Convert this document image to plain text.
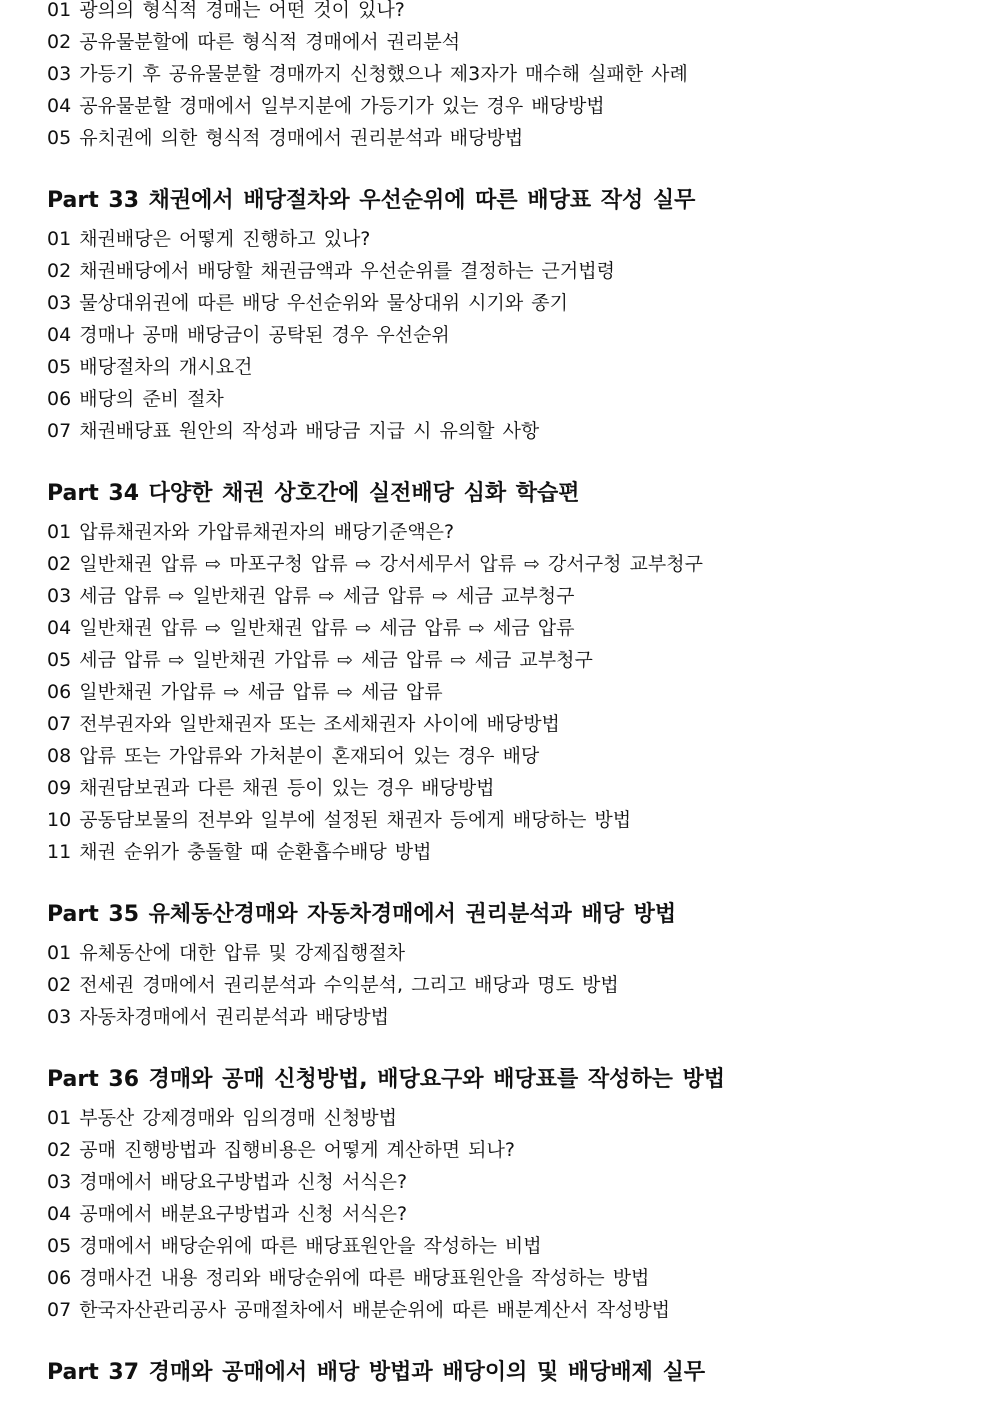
01 광의의 형식적 경매는 어떤 것이 있나?
02 공유물분할에 따른 형식적 경매에서 권리분석
03 가등기 후 공유물분할 경매까지 신청했으나 제3자가 매수해 실패한 사례
04 공유물분할 경매에서 일부지분에 가등기가 있는 경우 배당방법
05 유치권에 의한 형식적 경매에서 권리분석과 배당방법
Part 33 채권에서 배당절차와 우선순위에 따른 배당표 작성 실무
01 채권배당은 어떻게 진행하고 있나?
02 채권배당에서 배당할 채권금액과 우선순위를 결정하는 근거법령
03 물상대위권에 따른 배당 우선순위와 물상대위 시기와 종기
04 경매나 공매 배당금이 공탁된 경우 우선순위
05 배당절차의 개시요건
06 배당의 준비 절차
07 채권배당표 원안의 작성과 배당금 지급 시 유의할 사항
Part 34 다양한 채권 상호간에 실전배당 심화 학습편
01 압류채권자와 가압류채권자의 배당기준액은?
02 일반채권 압류 ⇨ 마포구청 압류 ⇨ 강서세무서 압류 ⇨ 강서구청 교부청구
03 세금 압류 ⇨ 일반채권 압류 ⇨ 세금 압류 ⇨ 세금 교부청구
04 일반채권 압류 ⇨ 일반채권 압류 ⇨ 세금 압류 ⇨ 세금 압류
05 세금 압류 ⇨ 일반채권 가압류 ⇨ 세금 압류 ⇨ 세금 교부청구
06 일반채권 가압류 ⇨ 세금 압류 ⇨ 세금 압류
07 전부권자와 일반채권자 또는 조세채권자 사이에 배당방법
08 압류 또는 가압류와 가처분이 혼재되어 있는 경우 배당
09 채권담보권과 다른 채권 등이 있는 경우 배당방법
10 공동담보물의 전부와 일부에 설정된 채권자 등에게 배당하는 방법
11 채권 순위가 충돌할 때 순환흡수배당 방법
Part 35 유체동산경매와 자동차경매에서 권리분석과 배당 방법
01 유체동산에 대한 압류 및 강제집행절차
02 전세권 경매에서 권리분석과 수익분석, 그리고 배당과 명도 방법
03 자동차경매에서 권리분석과 배당방법
Part 36 경매와 공매 신청방법, 배당요구와 배당표를 작성하는 방법
01 부동산 강제경매와 임의경매 신청방법
02 공매 진행방법과 집행비용은 어떻게 계산하면 되나?
03 경매에서 배당요구방법과 신청 서식은?
04 공매에서 배분요구방법과 신청 서식은?
05 경매에서 배당순위에 따른 배당표원안을 작성하는 비법
06 경매사건 내용 정리와 배당순위에 따른 배당표원안을 작성하는 방법
07 한국자산관리공사 공매절차에서 배분순위에 따른 배분계산서 작성방법
Part 37 경매와 공매에서 배당 방법과 배당이의 및 배당배제 실무
